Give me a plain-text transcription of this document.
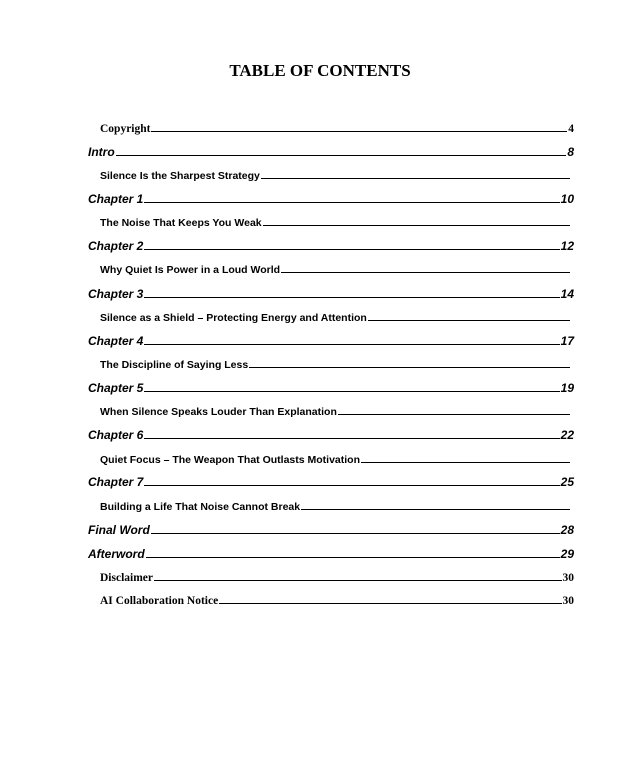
TABLE OF CONTENTS
Copyright	4
Intro	8
Silence Is the Sharpest Strategy
Chapter 1	10
The Noise That Keeps You Weak
Chapter 2	12
Why Quiet Is Power in a Loud World
Chapter 3	14
Silence as a Shield – Protecting Energy and Attention
Chapter 4	17
The Discipline of Saying Less
Chapter 5	19
When Silence Speaks Louder Than Explanation
Chapter 6	22
Quiet Focus – The Weapon That Outlasts Motivation
Chapter 7	25
Building a Life That Noise Cannot Break
Final Word	28
Afterword	29
Disclaimer	30
AI Collaboration Notice	30
